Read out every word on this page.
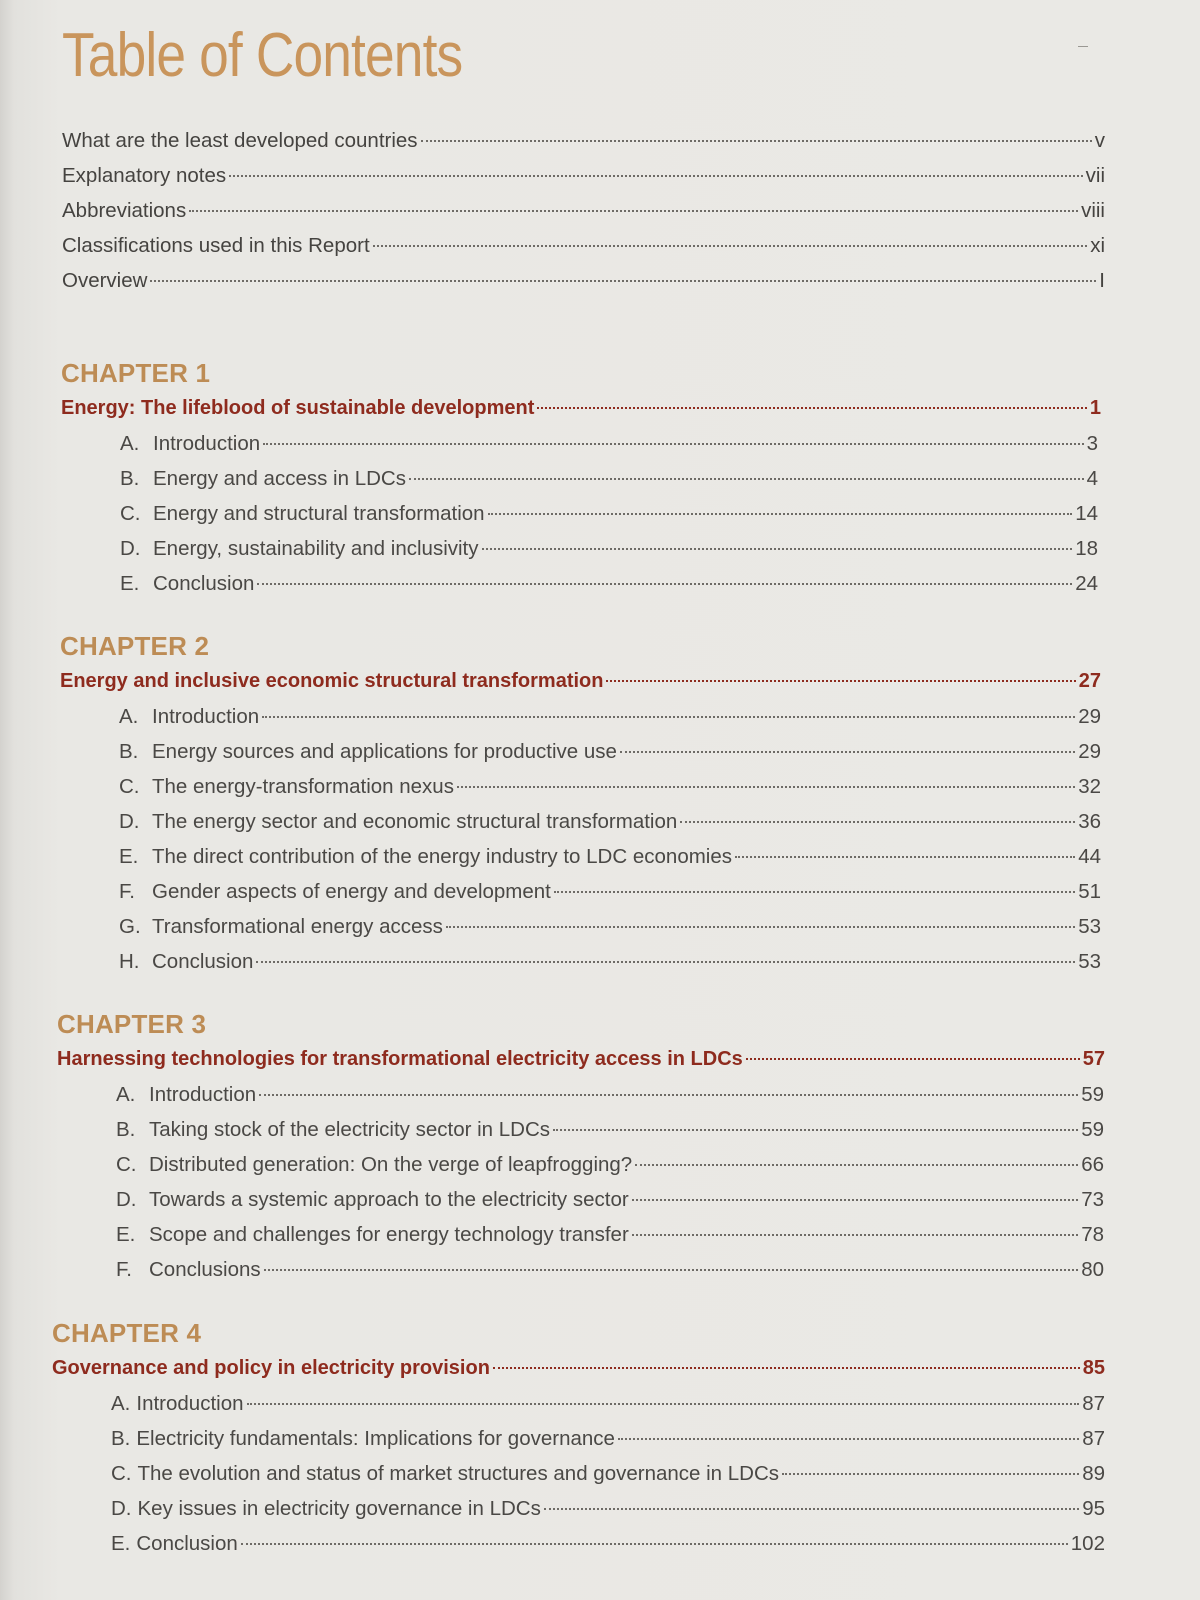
Table of Contents
What are the least developed countries	v
Explanatory notes	vii
Abbreviations	viii
Classifications used in this Report	xi
Overview	I
CHAPTER 1
Energy: The lifeblood of sustainable development	1
A. Introduction	3
B. Energy and access in LDCs	4
C. Energy and structural transformation	14
D. Energy, sustainability and inclusivity	18
E. Conclusion	24
CHAPTER 2
Energy and inclusive economic structural transformation	27
A. Introduction	29
B. Energy sources and applications for productive use	29
C. The energy-transformation nexus	32
D. The energy sector and economic structural transformation	36
E. The direct contribution of the energy industry to LDC economies	44
F. Gender aspects of energy and development	51
G. Transformational energy access	53
H. Conclusion	53
CHAPTER 3
Harnessing technologies for transformational electricity access in LDCs	57
A. Introduction	59
B. Taking stock of the electricity sector in LDCs	59
C. Distributed generation: On the verge of leapfrogging?	66
D. Towards a systemic approach to the electricity sector	73
E. Scope and challenges for energy technology transfer	78
F. Conclusions	80
CHAPTER 4
Governance and policy in electricity provision	85
A. Introduction	87
B. Electricity fundamentals: Implications for governance	87
C. The evolution and status of market structures and governance in LDCs	89
D. Key issues in electricity governance in LDCs	95
E. Conclusion	102
